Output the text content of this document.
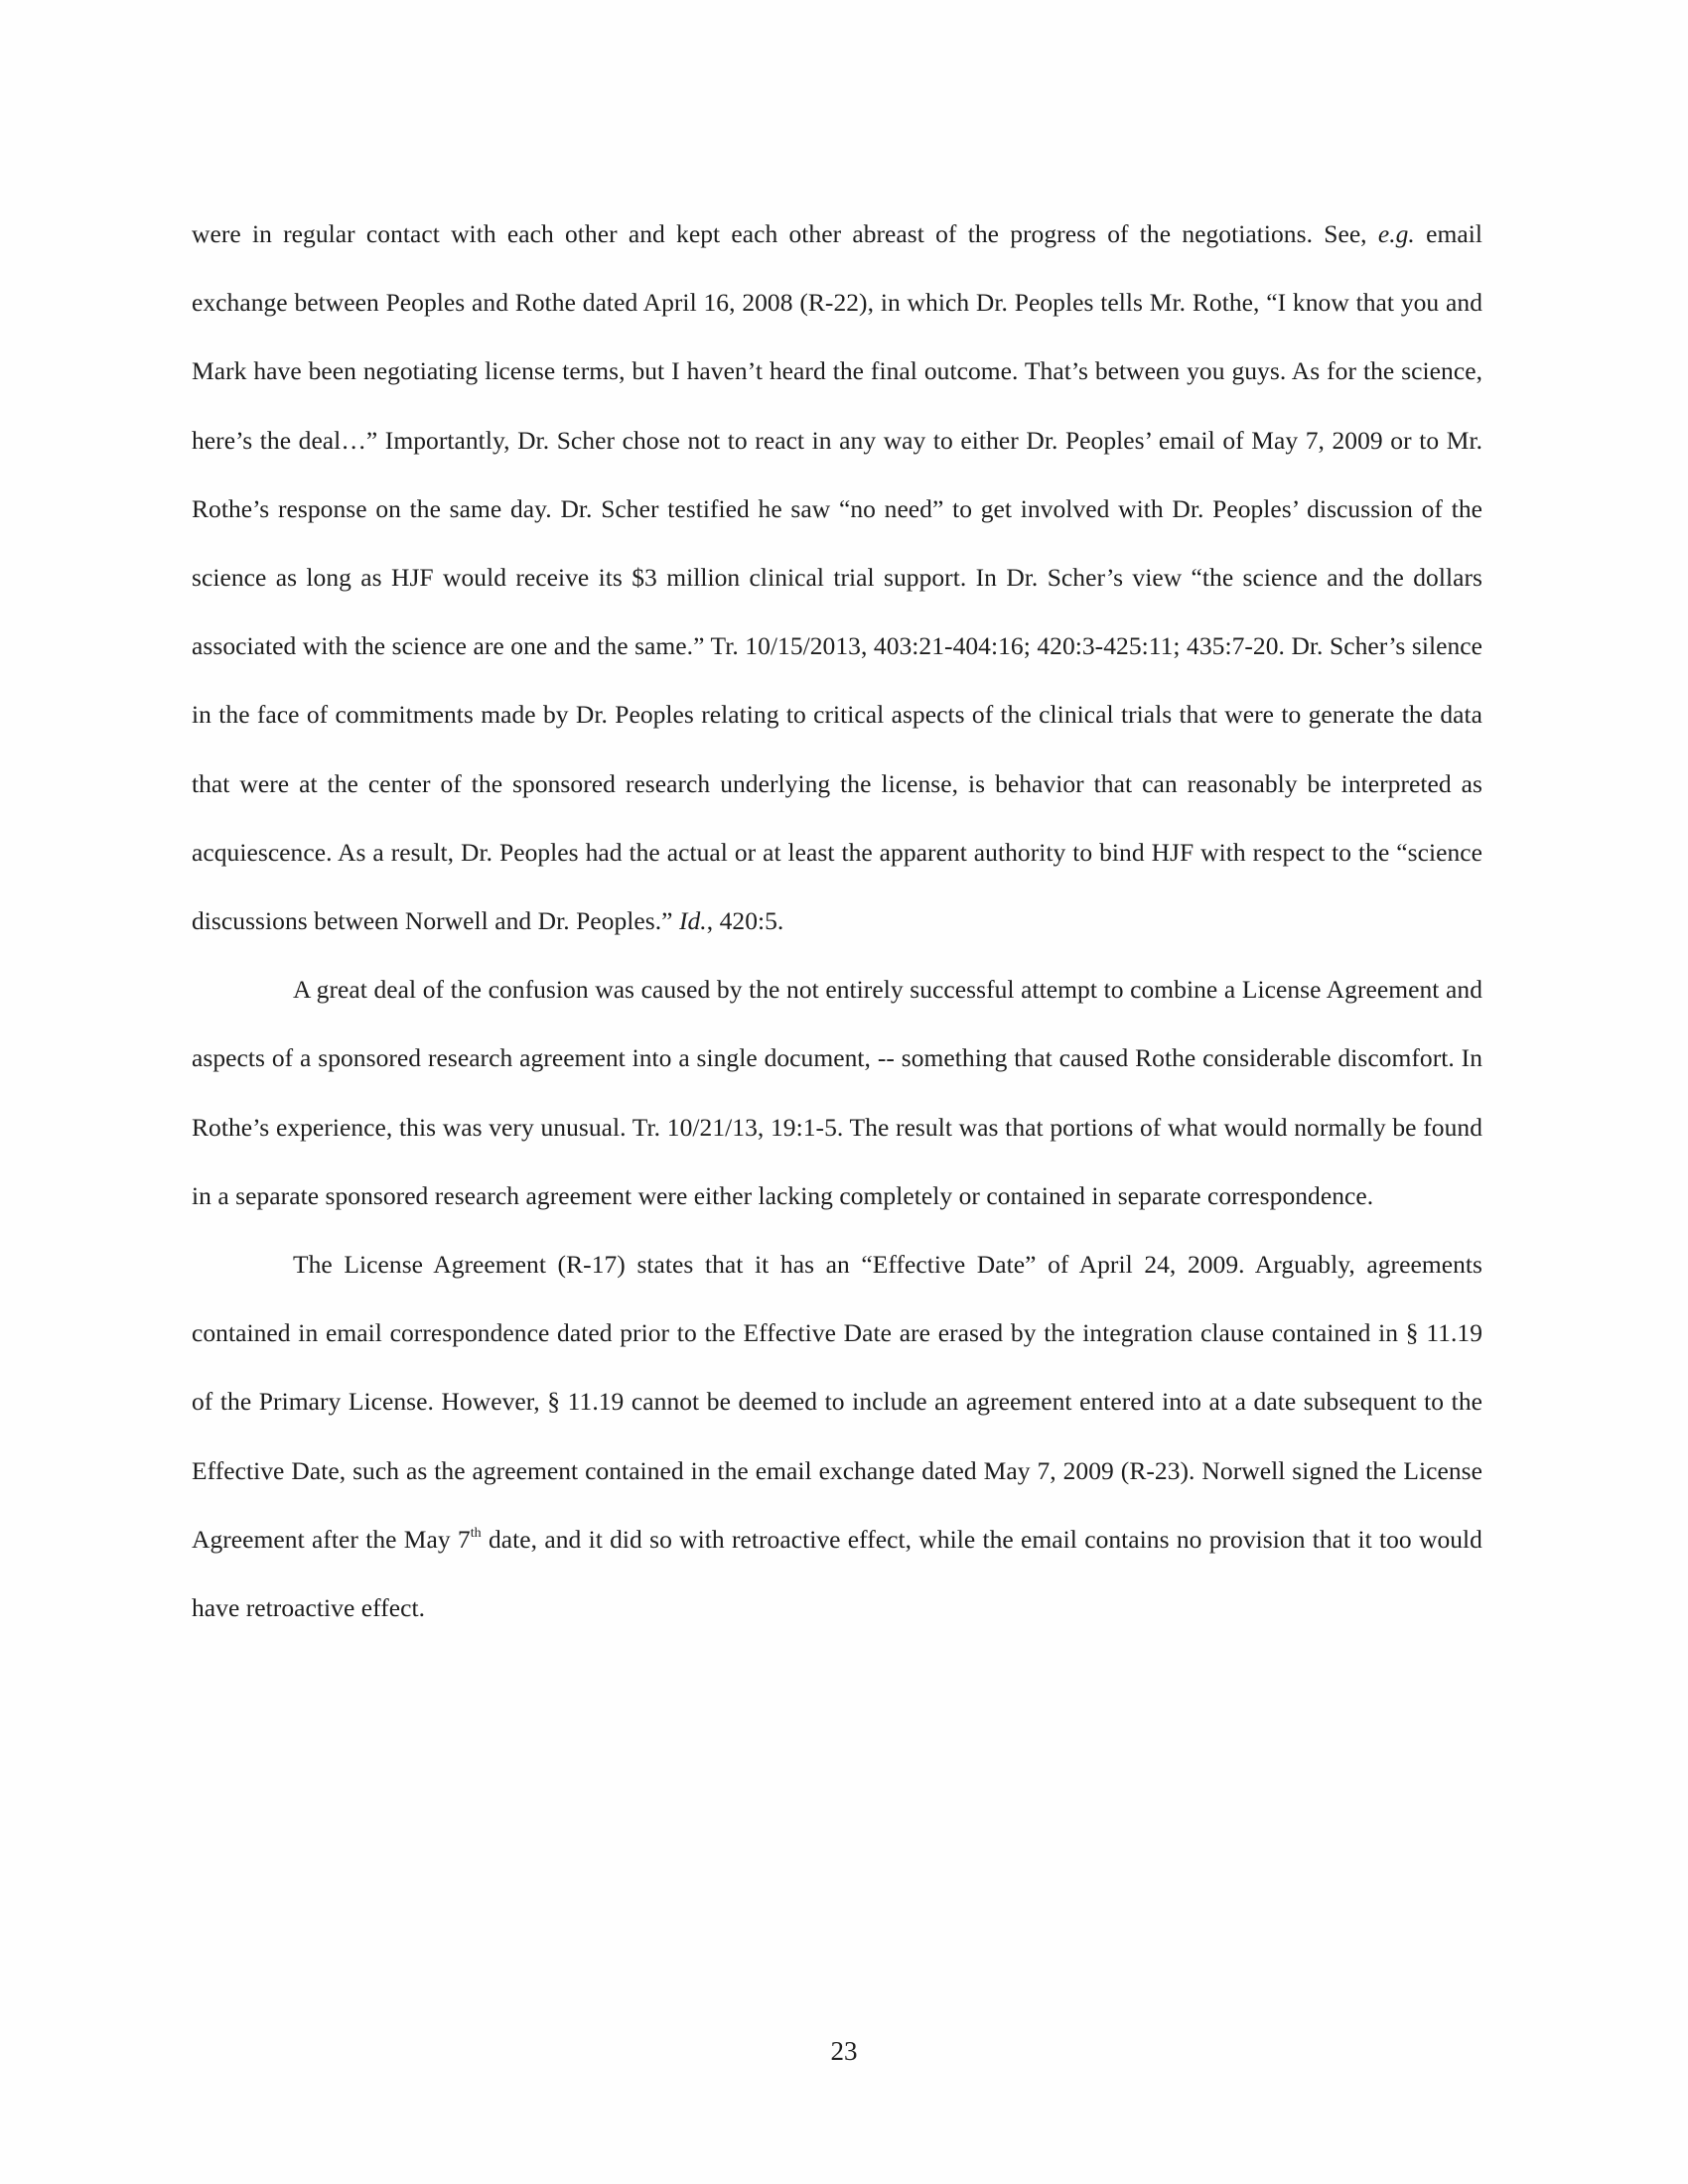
were in regular contact with each other and kept each other abreast of the progress of the negotiations. See, e.g. email exchange between Peoples and Rothe dated April 16, 2008 (R-22), in which Dr. Peoples tells Mr. Rothe, “I know that you and Mark have been negotiating license terms, but I haven’t heard the final outcome. That’s between you guys. As for the science, here’s the deal…” Importantly, Dr. Scher chose not to react in any way to either Dr. Peoples’ email of May 7, 2009 or to Mr. Rothe’s response on the same day. Dr. Scher testified he saw “no need” to get involved with Dr. Peoples’ discussion of the science as long as HJF would receive its $3 million clinical trial support. In Dr. Scher’s view “the science and the dollars associated with the science are one and the same.” Tr. 10/15/2013, 403:21-404:16; 420:3-425:11; 435:7-20. Dr. Scher’s silence in the face of commitments made by Dr. Peoples relating to critical aspects of the clinical trials that were to generate the data that were at the center of the sponsored research underlying the license, is behavior that can reasonably be interpreted as acquiescence. As a result, Dr. Peoples had the actual or at least the apparent authority to bind HJF with respect to the “science discussions between Norwell and Dr. Peoples.” Id., 420:5.

A great deal of the confusion was caused by the not entirely successful attempt to combine a License Agreement and aspects of a sponsored research agreement into a single document, -- something that caused Rothe considerable discomfort. In Rothe’s experience, this was very unusual. Tr. 10/21/13, 19:1-5. The result was that portions of what would normally be found in a separate sponsored research agreement were either lacking completely or contained in separate correspondence.

The License Agreement (R-17) states that it has an “Effective Date” of April 24, 2009. Arguably, agreements contained in email correspondence dated prior to the Effective Date are erased by the integration clause contained in § 11.19 of the Primary License. However, § 11.19 cannot be deemed to include an agreement entered into at a date subsequent to the Effective Date, such as the agreement contained in the email exchange dated May 7, 2009 (R-23). Norwell signed the License Agreement after the May 7th date, and it did so with retroactive effect, while the email contains no provision that it too would have retroactive effect.

23
